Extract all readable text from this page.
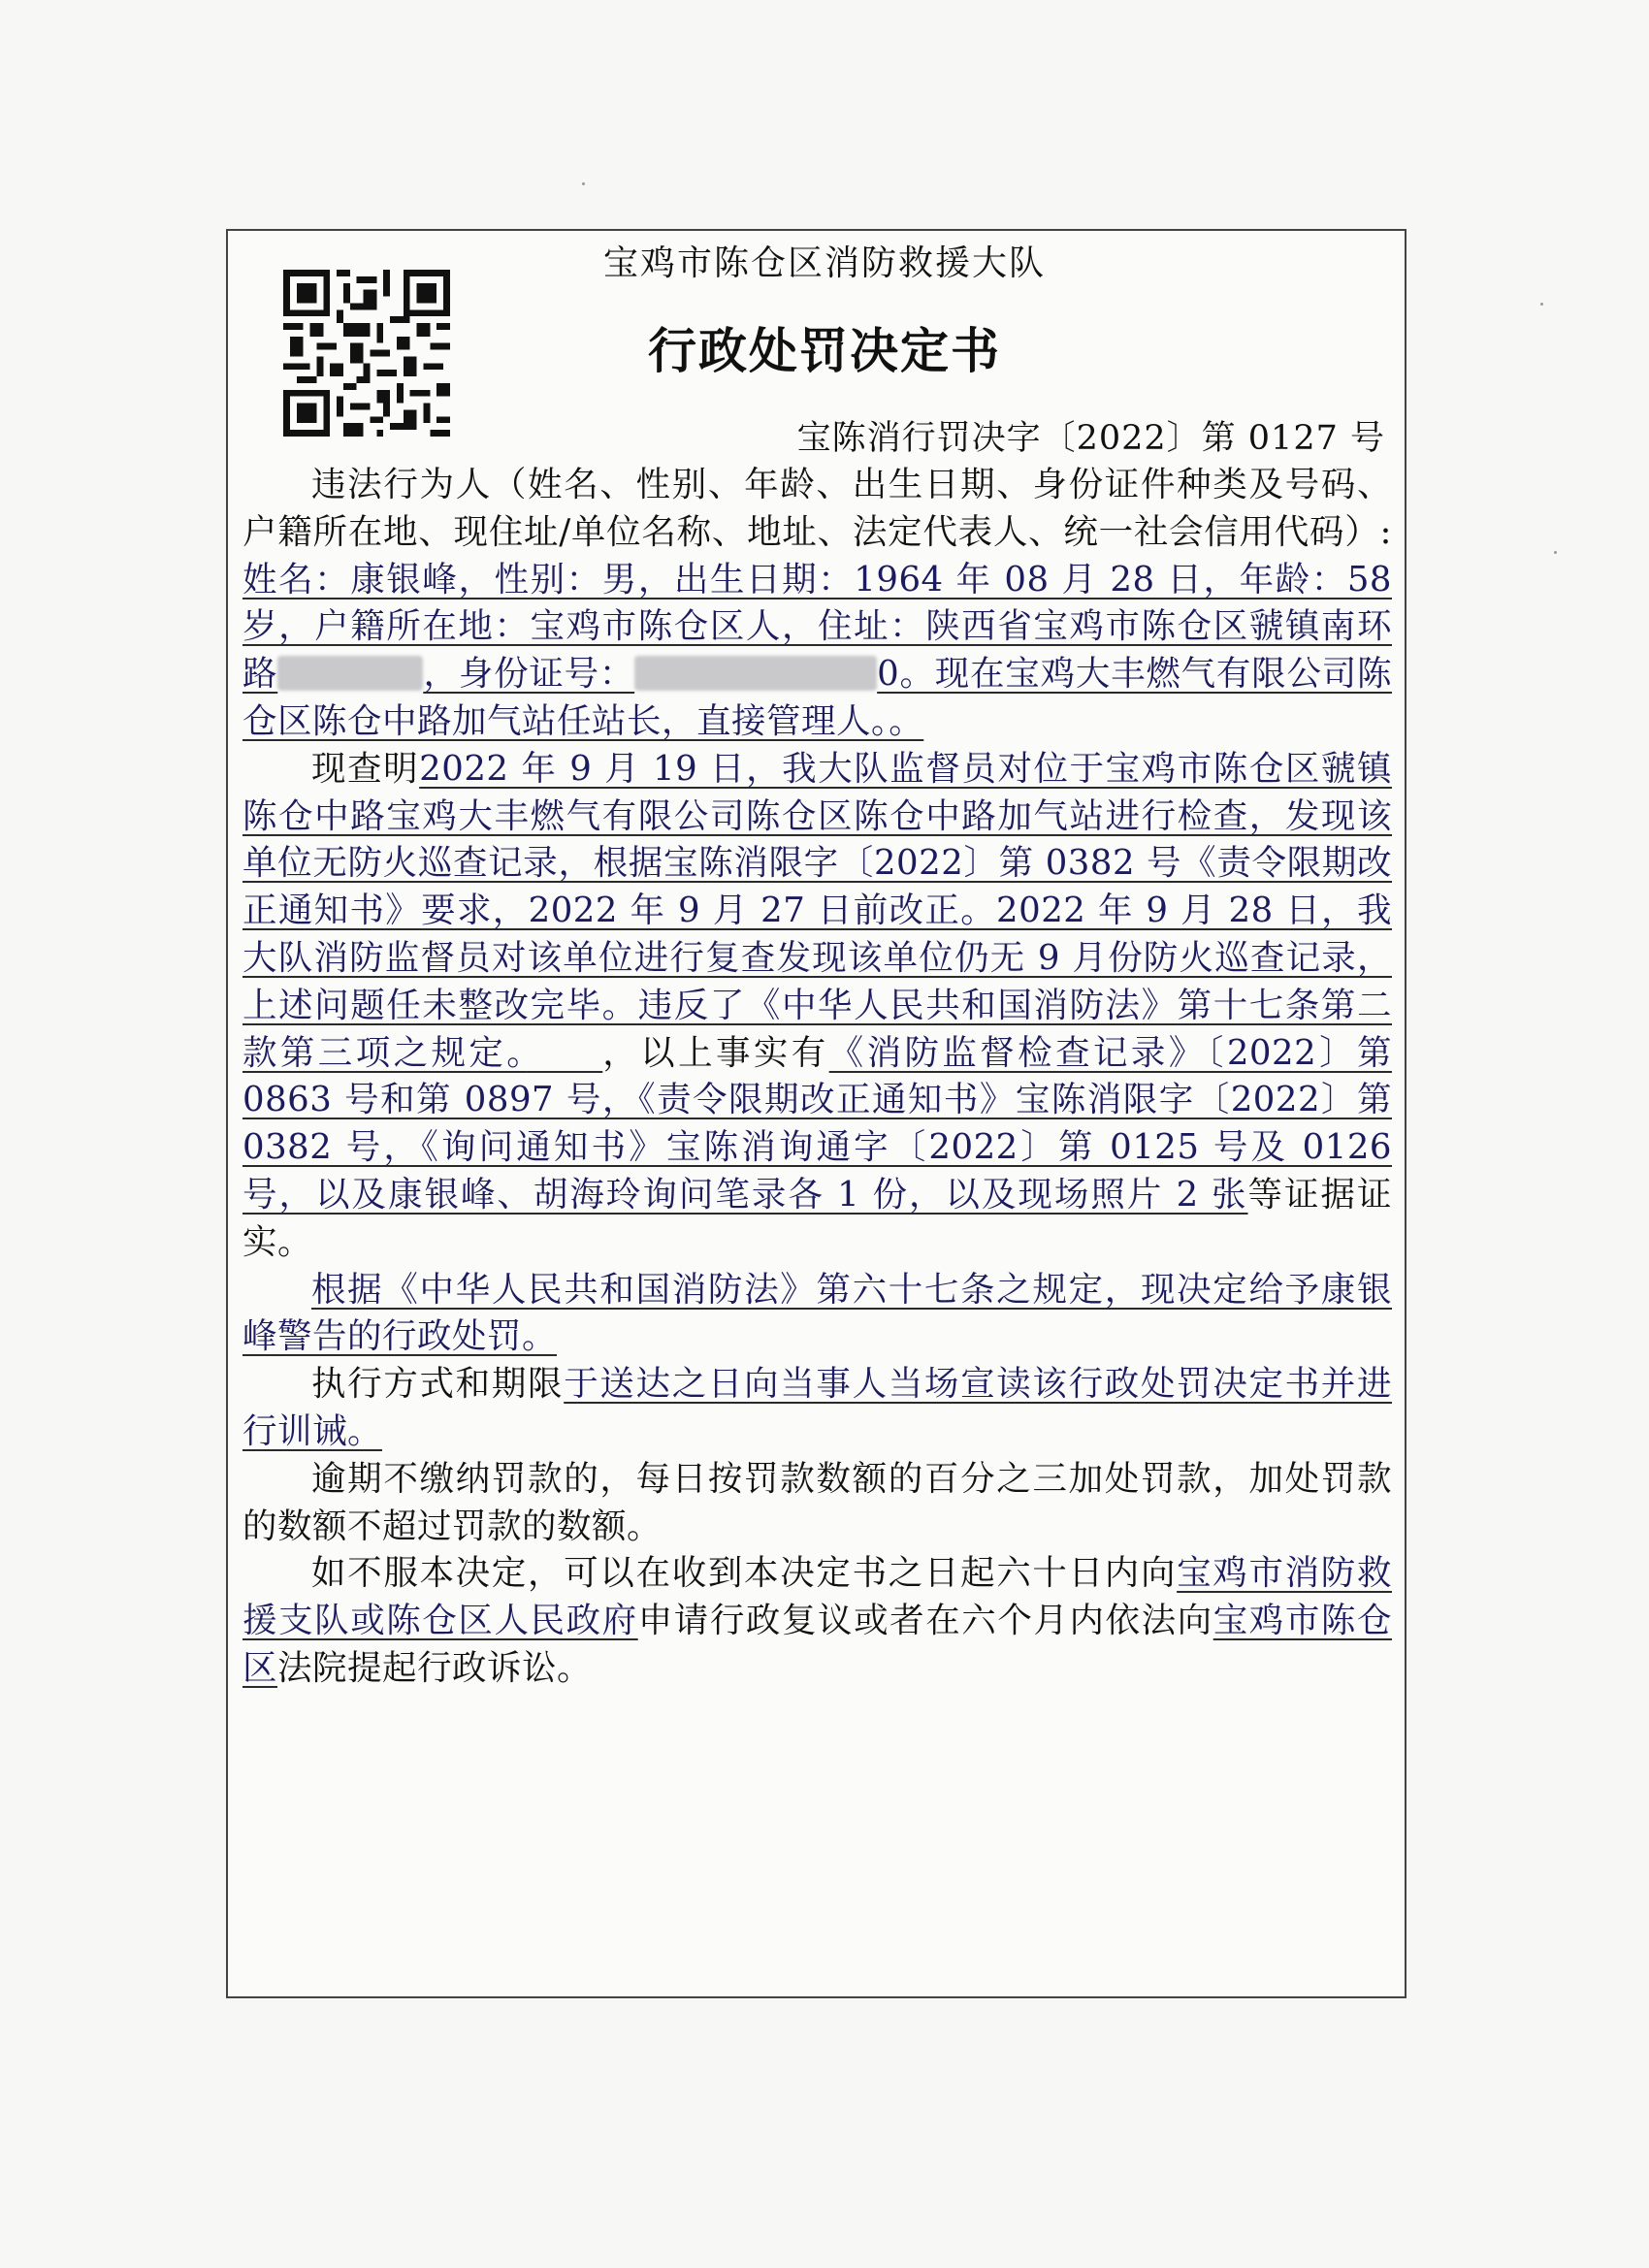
宝鸡市陈仓区消防救援大队
行政处罚决定书
宝陈消行罚决字〔2022〕第 0127 号

违法行为人（姓名、性别、年龄、出生日期、身份证件种类及号码、户籍所在地、现住址/单位名称、地址、法定代表人、统一社会信用代码）:姓名：康银峰，性别：男，出生日期：1964 年 08 月 28 日，年龄：58 岁，户籍所在地：宝鸡市陈仓区人，住址：陕西省宝鸡市陈仓区虢镇南环路	，身份证号：	0。现在宝鸡大丰燃气有限公司陈仓区陈仓中路加气站任站长，直接管理人。。

现查明2022 年 9 月 19 日，我大队监督员对位于宝鸡市陈仓区虢镇陈仓中路宝鸡大丰燃气有限公司陈仓区陈仓中路加气站进行检查，发现该单位无防火巡查记录，根据宝陈消限字〔2022〕第 0382 号《责令限期改正通知书》要求，2022 年 9 月 27 日前改正。2022 年 9 月 28 日，我大队消防监督员对该单位进行复查发现该单位仍无 9 月份防火巡查记录，上述问题任未整改完毕。违反了《中华人民共和国消防法》第十七条第二款第三项之规定。　　 ，以上事实有《消防监督检查记录》〔2022〕第 0863 号和第 0897 号，《责令限期改正通知书》宝陈消限字〔2022〕第 0382 号，《询问通知书》宝陈消询通字〔2022〕第 0125 号及 0126 号，以及康银峰、胡海玲询问笔录各 1 份，以及现场照片 2 张等证据证实。

根据《中华人民共和国消防法》第六十七条之规定，现决定给予康银峰警告的行政处罚。

执行方式和期限于送达之日向当事人当场宣读该行政处罚决定书并进行训诫。

逾期不缴纳罚款的，每日按罚款数额的百分之三加处罚款，加处罚款的数额不超过罚款的数额。

如不服本决定，可以在收到本决定书之日起六十日内向宝鸡市消防救援支队或陈仓区人民政府申请行政复议或者在六个月内依法向宝鸡市陈仓区法院提起行政诉讼。
